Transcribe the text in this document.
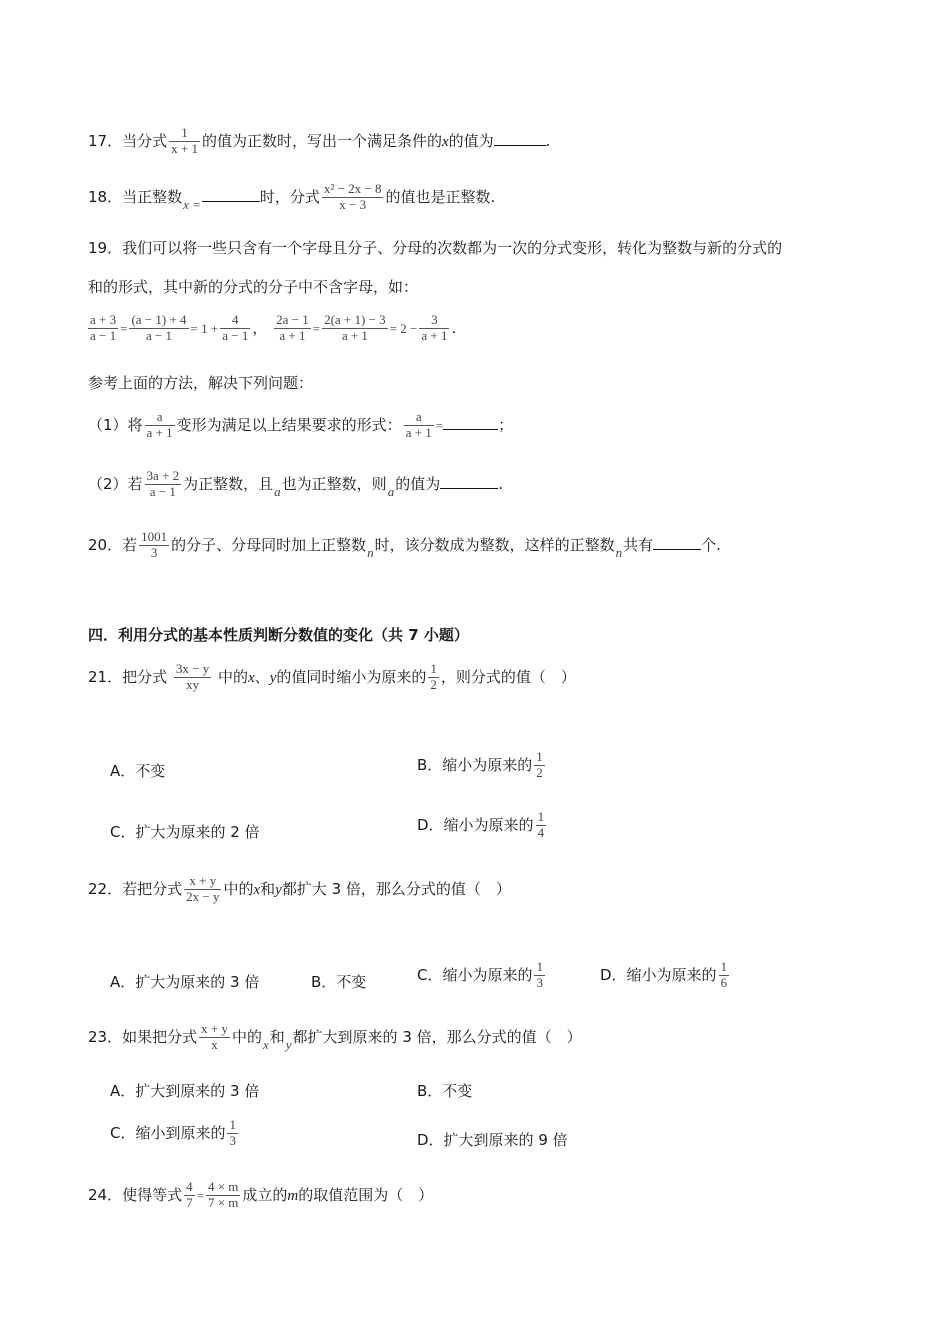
17．当分式 $\frac{1}{x + 1}$ 的值为正数时，写出一个满足条件的x的值为	.
18．当正整数x =	时，分式 $\frac{\text{x² − 2x − 8}}{x - 3}$ 的值也是正整数.
19．我们可以将一些只含有一个字母且分子、分母的次数都为一次的分式变形，转化为整数与新的分式的
和的形式，其中新的分式的分子中不含字母，如：
$\frac{a + 3}{a - 1} = \frac{(a - 1) + 4}{a - 1} = 1 + \frac{4}{a - 1}$ ， $\frac{2a - 1}{a + 1} = \frac{2(a + 1) - 3}{a + 1} = 2 - \frac{3}{a + 1}$ .
参考上面的方法，解决下列问题：
（1）将 $\frac{a}{a + 1}$ 变形为满足以上结果要求的形式： $\frac{a}{a + 1}$ =	；
（2）若 $\frac{3a + 2}{a - 1}$ 为正整数，且a也为正整数，则a的值为	.
20．若 $\frac{1001}{3}$ 的分子、分母同时加上正整数n时，该分数成为整数，这样的正整数n共有	个.
四．利用分式的基本性质判断分数值的变化（共 7 小题）
21．把分式 $\frac{3x - y}{xy}$ 中的x、y的值同时缩小为原来的 $\frac{1}{2}$ ，则分式的值（　）
A．不变	B．缩小为原来的 $\frac{1}{2}$
C．扩大为原来的 2 倍	D．缩小为原来的 $\frac{1}{4}$
22．若把分式 $\frac{x + y}{2x - y}$ 中的x和y都扩大 3 倍，那么分式的值（　）
A．扩大为原来的 3 倍	B．不变	C．缩小为原来的 $\frac{1}{3}$	D．缩小为原来的 $\frac{1}{6}$
23．如果把分式 $\frac{x + y}{x}$ 中的x和y都扩大到原来的 3 倍，那么分式的值（　）
A．扩大到原来的 3 倍	B．不变
C．缩小到原来的 $\frac{1}{3}$	D．扩大到原来的 9 倍
24．使得等式 $\frac{4}{7} = \frac{4 \times m}{7 \times m}$ 成立的m的取值范围为（　）
